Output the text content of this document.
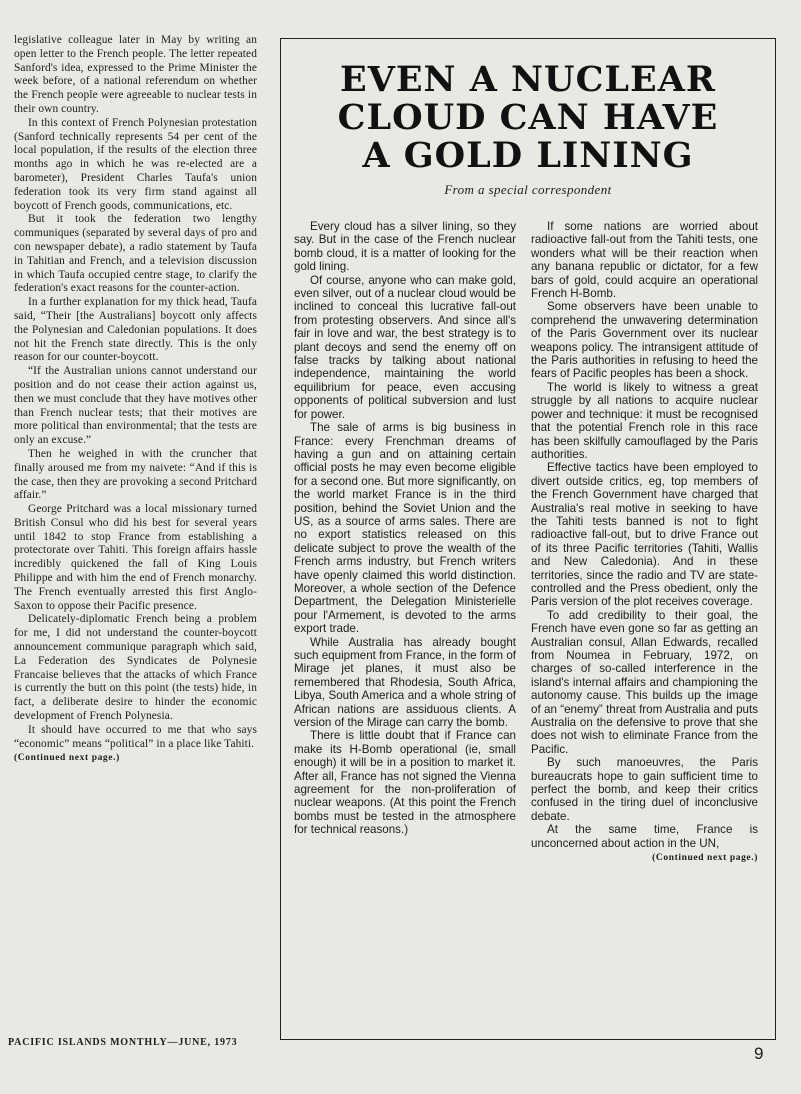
legislative colleague later in May by writing an open letter to the French people. The letter repeated Sanford's idea, expressed to the Prime Minister the week before, of a national referendum on whether the French people were agreeable to nuclear tests in their own country.

In this context of French Polynesian protestation (Sanford technically represents 54 per cent of the local population, if the results of the election three months ago in which he was re-elected are a barometer), President Charles Taufa's union federation took its very firm stand against all boycott of French goods, communications, etc.

But it took the federation two lengthy communiques (separated by several days of pro and con newspaper debate), a radio statement by Taufa in Tahitian and French, and a television discussion in which Taufa occupied centre stage, to clarify the federation's exact reasons for the counter-action.

In a further explanation for my thick head, Taufa said, “Their [the Australians] boycott only affects the Polynesian and Caledonian populations. It does not hit the French state directly. This is the only reason for our counter-boycott.

“If the Australian unions cannot understand our position and do not cease their action against us, then we must conclude that they have motives other than French nuclear tests; that their motives are more political than environmental; that the tests are only an excuse.”

Then he weighed in with the cruncher that finally aroused me from my naivete: “And if this is the case, then they are provoking a second Pritchard affair.”

George Pritchard was a local missionary turned British Consul who did his best for several years until 1842 to stop France from establishing a protectorate over Tahiti. This foreign affairs hassle incredibly quickened the fall of King Louis Philippe and with him the end of French monarchy. The French eventually arrested this first Anglo-Saxon to oppose their Pacific presence.

Delicately-diplomatic French being a problem for me, I did not understand the counter-boycott announcement communique paragraph which said, La Federation des Syndicates de Polynesie Francaise believes that the attacks of which France is currently the butt on this point (the tests) hide, in fact, a deliberate desire to hinder the economic development of French Polynesia.

It should have occurred to me that who says “economic” means “political” in a place like Tahiti.

(Continued next page.)
EVEN A NUCLEAR
CLOUD CAN HAVE
A GOLD LINING
From a special correspondent

Every cloud has a silver lining, so they say. But in the case of the French nuclear bomb cloud, it is a matter of looking for the gold lining.

Of course, anyone who can make gold, even silver, out of a nuclear cloud would be inclined to conceal this lucrative fall-out from protesting observers. And since all's fair in love and war, the best strategy is to plant decoys and send the enemy off on false tracks by talking about national independence, maintaining the world equilibrium for peace, even accusing opponents of political subversion and lust for power.

The sale of arms is big business in France: every Frenchman dreams of having a gun and on attaining certain official posts he may even become eligible for a second one. But more significantly, on the world market France is in the third position, behind the Soviet Union and the US, as a source of arms sales. There are no export statistics released on this delicate subject to prove the wealth of the French arms industry, but French writers have openly claimed this world distinction. Moreover, a whole section of the Defence Department, the Delegation Ministerielle pour l'Armement, is devoted to the arms export trade.

While Australia has already bought such equipment from France, in the form of Mirage jet planes, it must also be remembered that Rhodesia, South Africa, Libya, South America and a whole string of African nations are assiduous clients. A version of the Mirage can carry the bomb.

There is little doubt that if France can make its H-Bomb operational (ie, small enough) it will be in a position to market it. After all, France has not signed the Vienna agreement for the non-proliferation of nuclear weapons. (At this point the French bombs must be tested in the atmosphere for technical reasons.)

If some nations are worried about radioactive fall-out from the Tahiti tests, one wonders what will be their reaction when any banana republic or dictator, for a few bars of gold, could acquire an operational French H-Bomb.

Some observers have been unable to comprehend the unwavering determination of the Paris Government over its nuclear weapons policy. The intransigent attitude of the Paris authorities in refusing to heed the fears of Pacific peoples has been a shock.

The world is likely to witness a great struggle by all nations to acquire nuclear power and technique: it must be recognised that the potential French role in this race has been skilfully camouflaged by the Paris authorities.

Effective tactics have been employed to divert outside critics, eg, top members of the French Government have charged that Australia's real motive in seeking to have the Tahiti tests banned is not to fight radioactive fall-out, but to drive France out of its three Pacific territories (Tahiti, Wallis and New Caledonia). And in these territories, since the radio and TV are state-controlled and the Press obedient, only the Paris version of the plot receives coverage.

To add credibility to their goal, the French have even gone so far as getting an Australian consul, Allan Edwards, recalled from Noumea in February, 1972, on charges of so-called interference in the island's internal affairs and championing the autonomy cause. This builds up the image of an “enemy” threat from Australia and puts Australia on the defensive to prove that she does not wish to eliminate France from the Pacific.

By such manoeuvres, the Paris bureaucrats hope to gain sufficient time to perfect the bomb, and keep their critics confused in the tiring duel of inconclusive debate.

At the same time, France is unconcerned about action in the UN,

(Continued next page.)
PACIFIC ISLANDS MONTHLY—JUNE, 1973
9
